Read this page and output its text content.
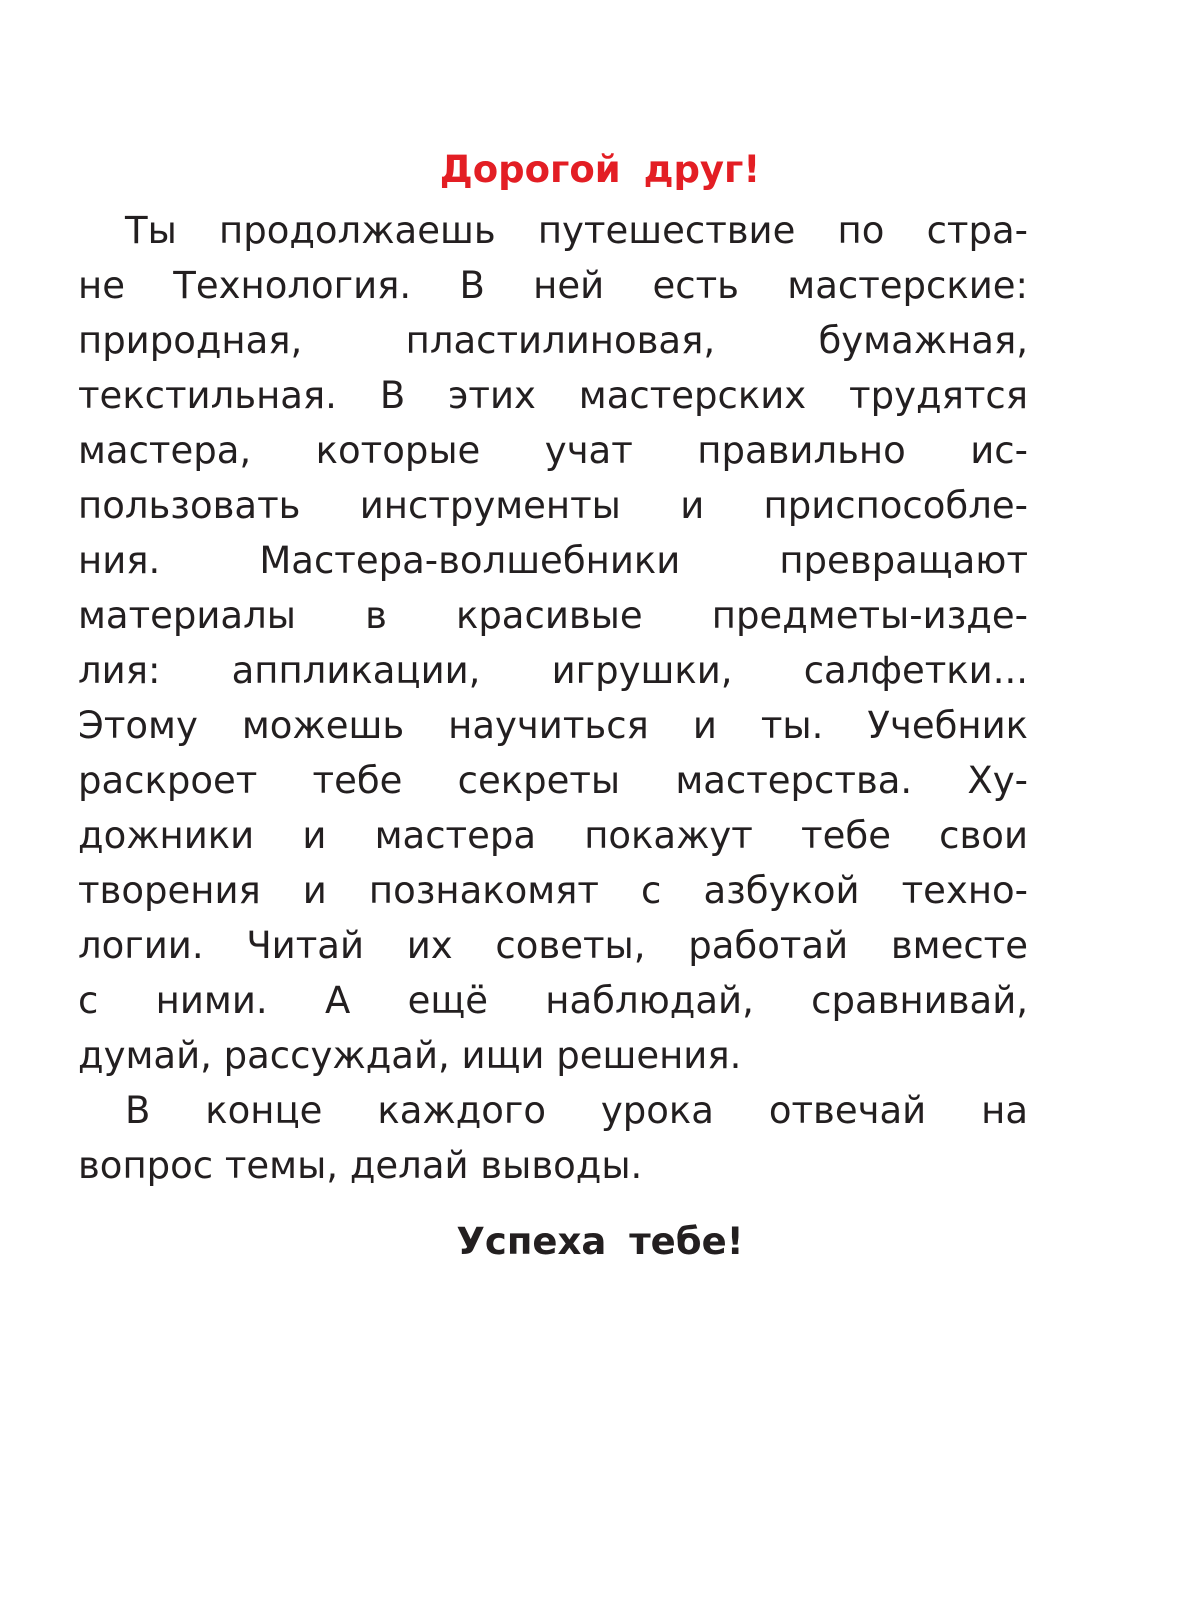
Дорогой друг!
Ты продолжаешь путешествие по стра-
не Технология. В ней есть мастерские:
природная, пластилиновая, бумажная,
текстильная. В этих мастерских трудятся
мастера, которые учат правильно ис-
пользовать инструменты и приспособле-
ния. Мастера-волшебники превращают
материалы в красивые предметы-изде-
лия: аппликации, игрушки, салфетки...
Этому можешь научиться и ты. Учебник
раскроет тебе секреты мастерства. Ху-
дожники и мастера покажут тебе свои
творения и познакомят с азбукой техно-
логии. Читай их советы, работай вместе
с ними. А ещё наблюдай, сравнивай,
думай, рассуждай, ищи решения.
В конце каждого урока отвечай на
вопрос темы, делай выводы.
Успеха тебе!
